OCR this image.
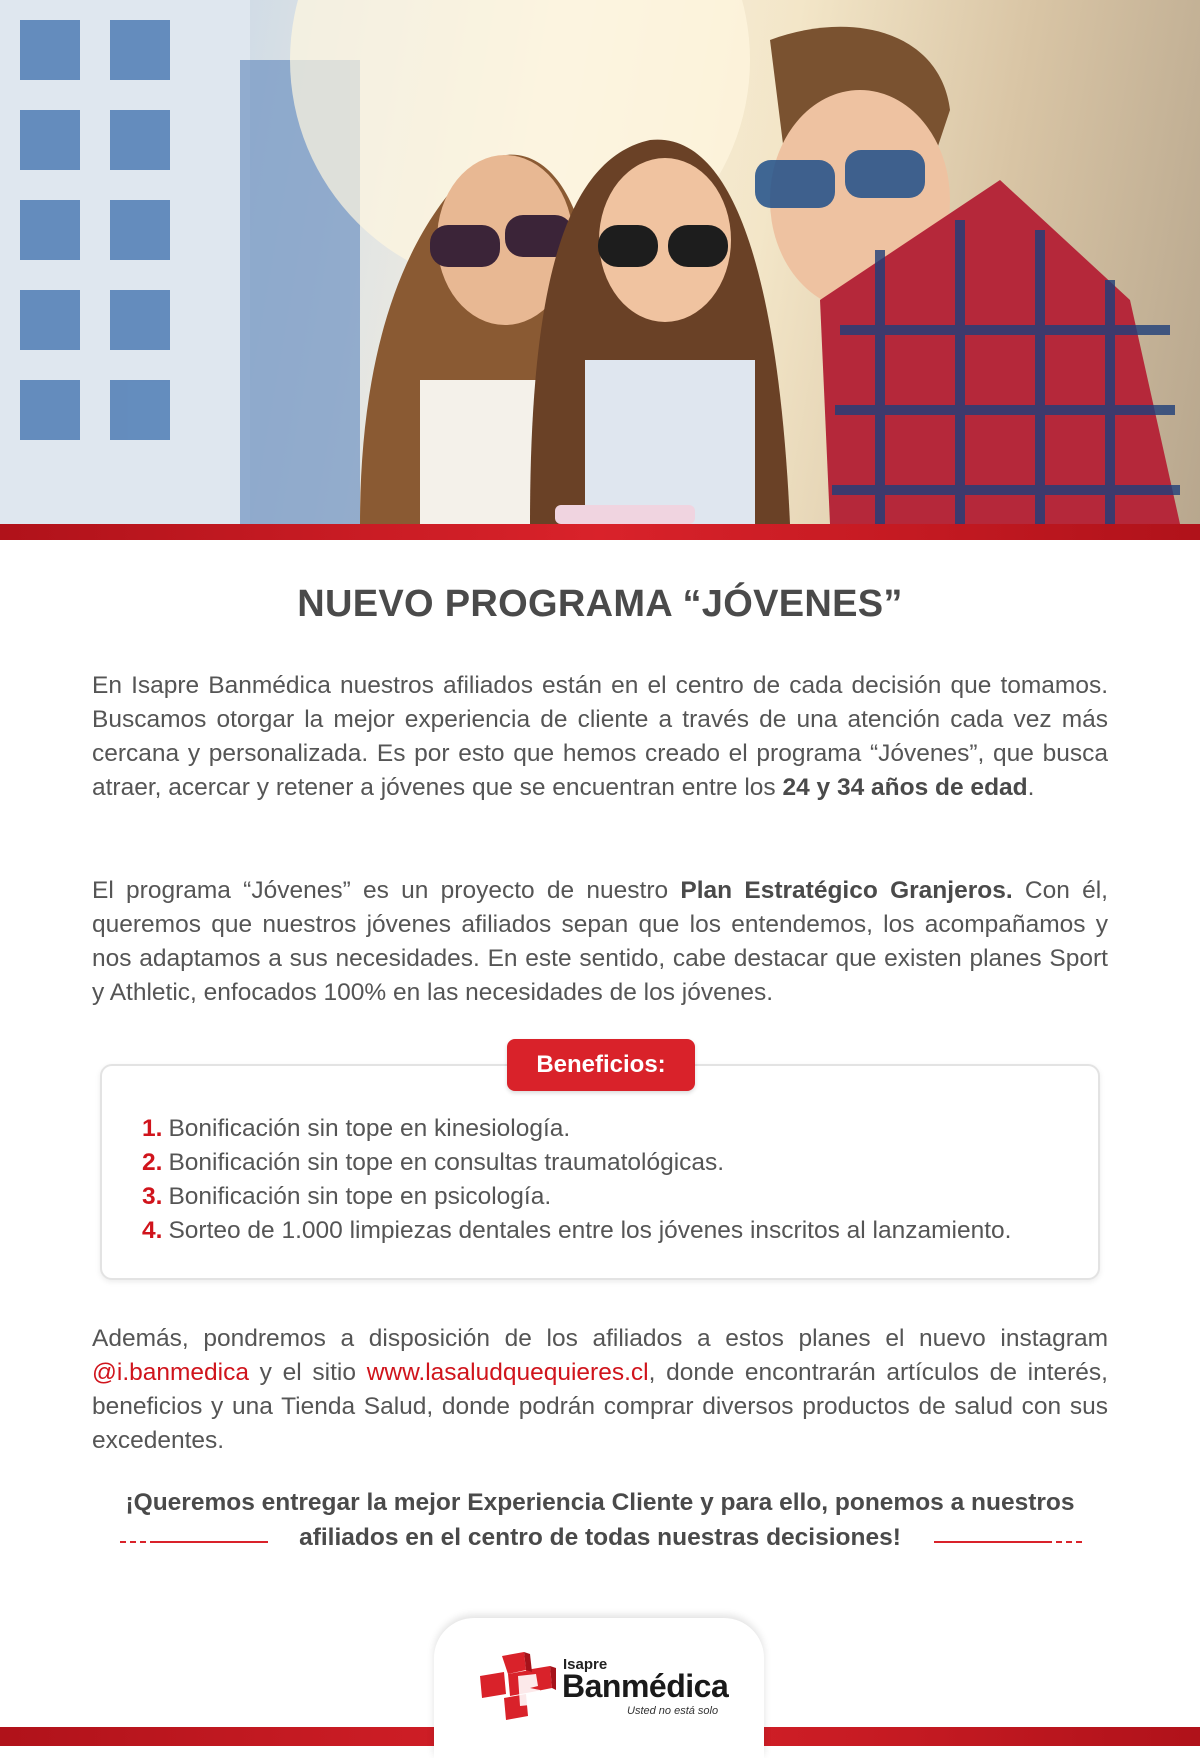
NUEVO PROGRAMA “JÓVENES”
En Isapre Banmédica nuestros afiliados están en el centro de cada decisión que tomamos. Buscamos otorgar la mejor experiencia de cliente a través de una atención cada vez más cercana y personalizada. Es por esto que hemos creado el programa “Jóvenes”, que busca atraer, acercar y retener a jóvenes que se encuentran entre los 24 y 34 años de edad.
El programa “Jóvenes” es un proyecto de nuestro Plan Estratégico Granjeros. Con él, queremos que nuestros jóvenes afiliados sepan que los entendemos, los acompañamos y nos adaptamos a sus necesidades. En este sentido, cabe destacar que existen planes Sport y Athletic, enfocados 100% en las necesidades de los jóvenes.
Beneficios:
1. Bonificación sin tope en kinesiología.
2. Bonificación sin tope en consultas traumatológicas.
3. Bonificación sin tope en psicología.
4. Sorteo de 1.000 limpiezas dentales entre los jóvenes inscritos al lanzamiento.
Además, pondremos a disposición de los afiliados a estos planes el nuevo instagram @i.banmedica y el sitio www.lasaludquequieres.cl, donde encontrarán artículos de interés, beneficios y una Tienda Salud, donde podrán comprar diversos productos de salud con sus excedentes.
¡Queremos entregar la mejor Experiencia Cliente y para ello, ponemos a nuestros
afiliados en el centro de todas nuestras decisiones!
Isapre
Banmédica
Usted no está solo
